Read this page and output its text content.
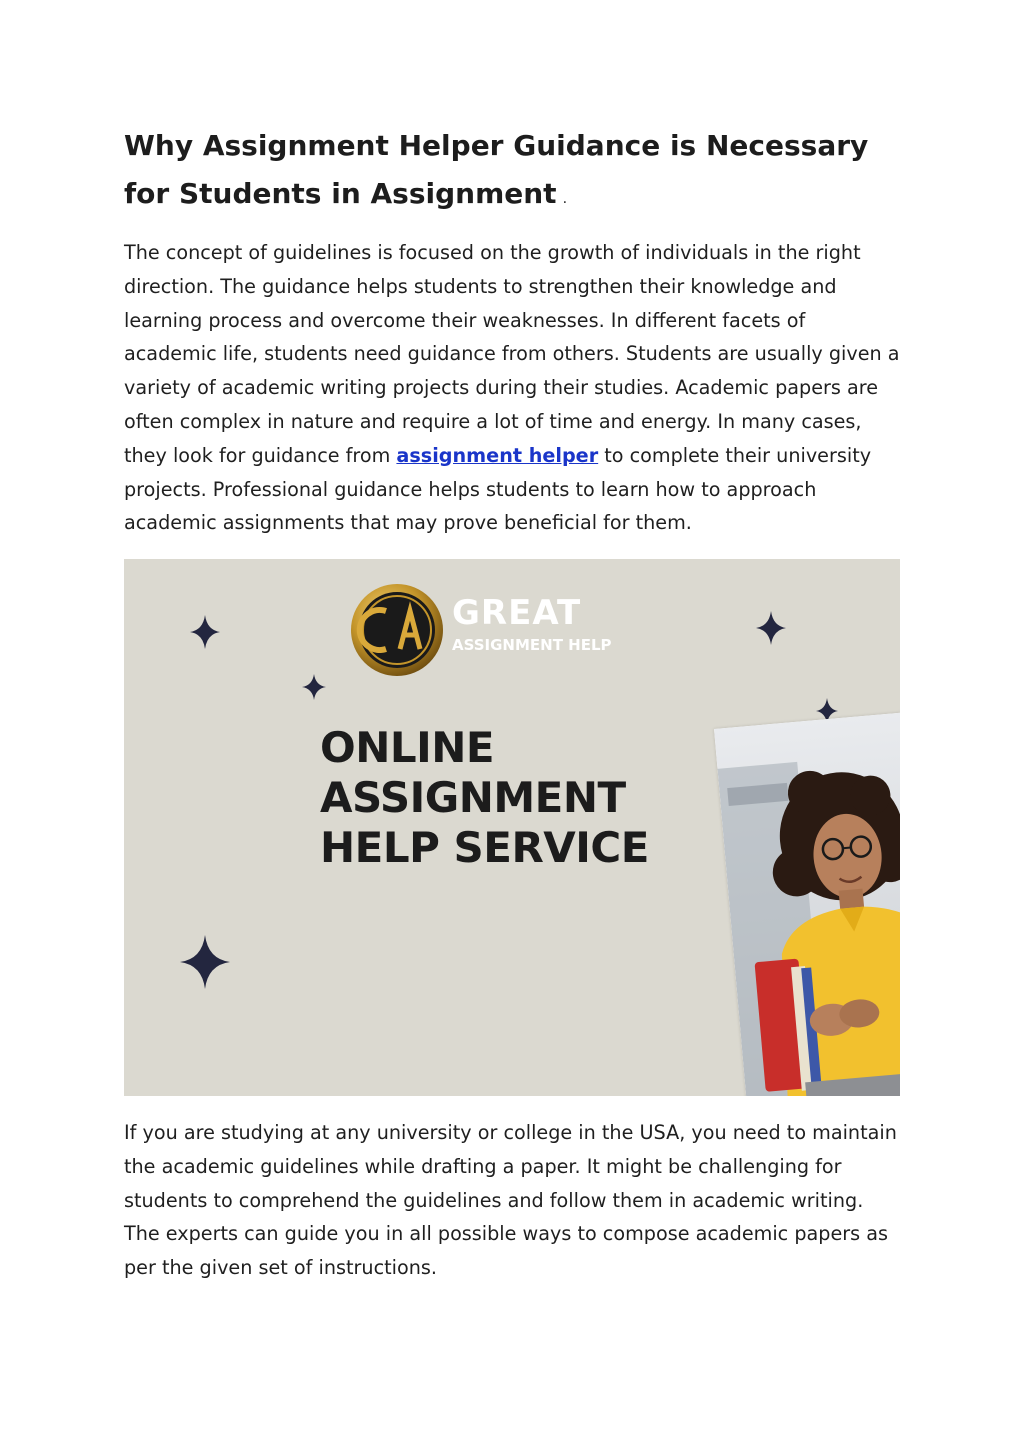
Why Assignment Helper Guidance is Necessary for Students in Assignment .

The concept of guidelines is focused on the growth of individuals in the right direction. The guidance helps students to strengthen their knowledge and learning process and overcome their weaknesses. In different facets of academic life, students need guidance from others. Students are usually given a variety of academic writing projects during their studies. Academic papers are often complex in nature and require a lot of time and energy. In many cases, they look for guidance from assignment helper to complete their university projects. Professional guidance helps students to learn how to approach academic assignments that may prove beneficial for them.

GREAT
ASSIGNMENT HELP
ONLINE
ASSIGNMENT
HELP SERVICE

If you are studying at any university or college in the USA, you need to maintain the academic guidelines while drafting a paper. It might be challenging for students to comprehend the guidelines and follow them in academic writing. The experts can guide you in all possible ways to compose academic papers as per the given set of instructions.
